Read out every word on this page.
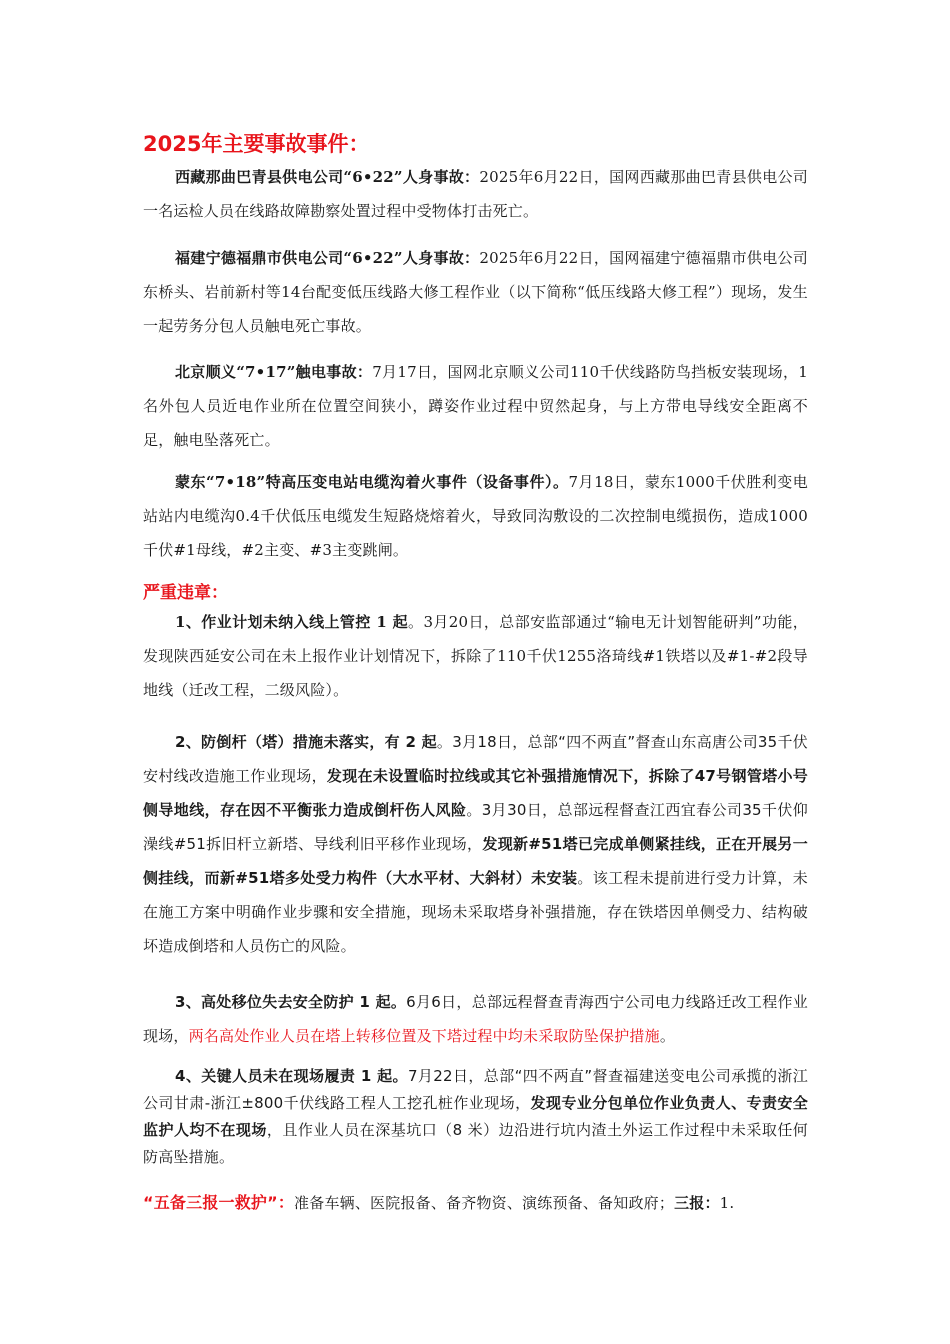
2025年主要事故事件：

西藏那曲巴青县供电公司“6•22”人身事故：2025年6月22日，国网西藏那曲巴青县供电公司一名运检人员在线路故障勘察处置过程中受物体打击死亡。

福建宁德福鼎市供电公司“6•22”人身事故：2025年6月22日，国网福建宁德福鼎市供电公司东桥头、岩前新村等14台配变低压线路大修工程作业（以下简称“低压线路大修工程”）现场，发生一起劳务分包人员触电死亡事故。

北京顺义“7•17”触电事故：7月17日，国网北京顺义公司110千伏线路防鸟挡板安装现场，1名外包人员近电作业所在位置空间狭小，蹲姿作业过程中贸然起身，与上方带电导线安全距离不足，触电坠落死亡。

蒙东“7•18”特高压变电站电缆沟着火事件（设备事件）。7月18日，蒙东1000千伏胜利变电站站内电缆沟0.4千伏低压电缆发生短路烧熔着火，导致同沟敷设的二次控制电缆损伤，造成1000千伏#1母线，#2主变、#3主变跳闸。

严重违章：

1、作业计划未纳入线上管控 1 起。3月20日，总部安监部通过“输电无计划智能研判”功能，发现陕西延安公司在未上报作业计划情况下，拆除了110千伏1255洛琦线#1铁塔以及#1-#2段导地线（迁改工程，二级风险）。

2、防倒杆（塔）措施未落实，有 2 起。3月18日，总部“四不两直”督查山东高唐公司35千伏安村线改造施工作业现场，发现在未设置临时拉线或其它补强措施情况下，拆除了47号钢管塔小号侧导地线，存在因不平衡张力造成倒杆伤人风险。3月30日，总部远程督查江西宜春公司35千伏仰澡线#51拆旧杆立新塔、导线利旧平移作业现场，发现新#51塔已完成单侧紧挂线，正在开展另一侧挂线，而新#51塔多处受力构件（大水平材、大斜材）未安装。该工程未提前进行受力计算，未在施工方案中明确作业步骤和安全措施，现场未采取塔身补强措施，存在铁塔因单侧受力、结构破坏造成倒塔和人员伤亡的风险。

3、高处移位失去安全防护 1 起。6月6日，总部远程督查青海西宁公司电力线路迁改工程作业现场，两名高处作业人员在塔上转移位置及下塔过程中均未采取防坠保护措施。

4、关键人员未在现场履责 1 起。7月22日，总部“四不两直”督查福建送变电公司承揽的浙江公司甘肃-浙江±800千伏线路工程人工挖孔桩作业现场，发现专业分包单位作业负责人、专责安全监护人均不在现场，且作业人员在深基坑口（8 米）边沿进行坑内渣土外运工作过程中未采取任何防高坠措施。

“五备三报一救护”：准备车辆、医院报备、备齐物资、演练预备、备知政府；三报：1.
